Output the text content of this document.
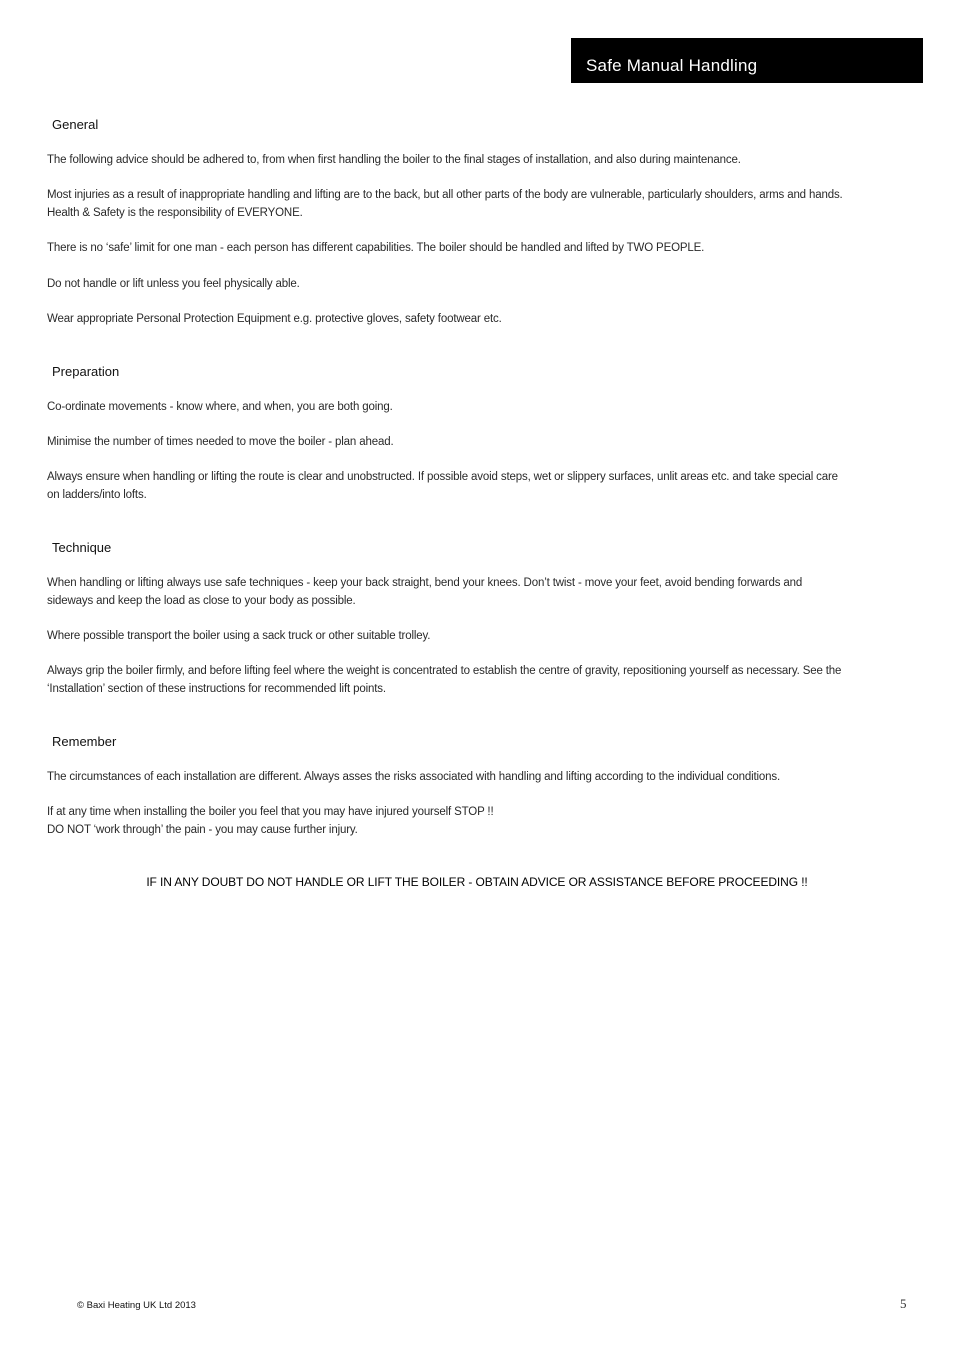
Safe Manual Handling
General
The following advice should be adhered to, from when first handling the boiler to the final stages of installation, and also during maintenance.
Most injuries as a result of inappropriate handling and lifting are to the back, but all other parts of the body are vulnerable, particularly shoulders, arms and hands.
Health & Safety is the responsibility of EVERYONE.
There is no ‘safe’ limit for one man - each person has different capabilities. The boiler should be handled and lifted by TWO PEOPLE.
Do not handle or lift unless you feel physically able.
Wear appropriate Personal Protection Equipment e.g. protective gloves, safety footwear etc.
Preparation
Co-ordinate movements - know where, and when, you are both going.
Minimise the number of times needed to move the boiler - plan ahead.
Always ensure when handling or lifting the route is clear and unobstructed. If possible avoid steps, wet or slippery surfaces, unlit areas etc. and take special care
on ladders/into lofts.
Technique
When handling or lifting always use safe techniques - keep your back straight, bend your knees. Don’t twist - move your feet, avoid bending forwards and
sideways and keep the load as close to your body as possible.
Where possible transport the boiler using a sack truck or other suitable trolley.
Always grip the boiler firmly, and before lifting feel where the weight is concentrated to establish the centre of gravity, repositioning yourself as necessary. See the
‘Installation’ section of these instructions for recommended lift points.
Remember
The circumstances of each installation are different. Always asses the risks associated with handling and lifting according to the individual conditions.
If at any time when installing the boiler you feel that you may have injured yourself STOP !!
DO NOT ‘work through’ the pain - you may cause further injury.
IF IN ANY DOUBT DO NOT HANDLE OR LIFT THE BOILER - OBTAIN ADVICE OR ASSISTANCE BEFORE PROCEEDING !!
© Baxi Heating UK Ltd 2013	5
